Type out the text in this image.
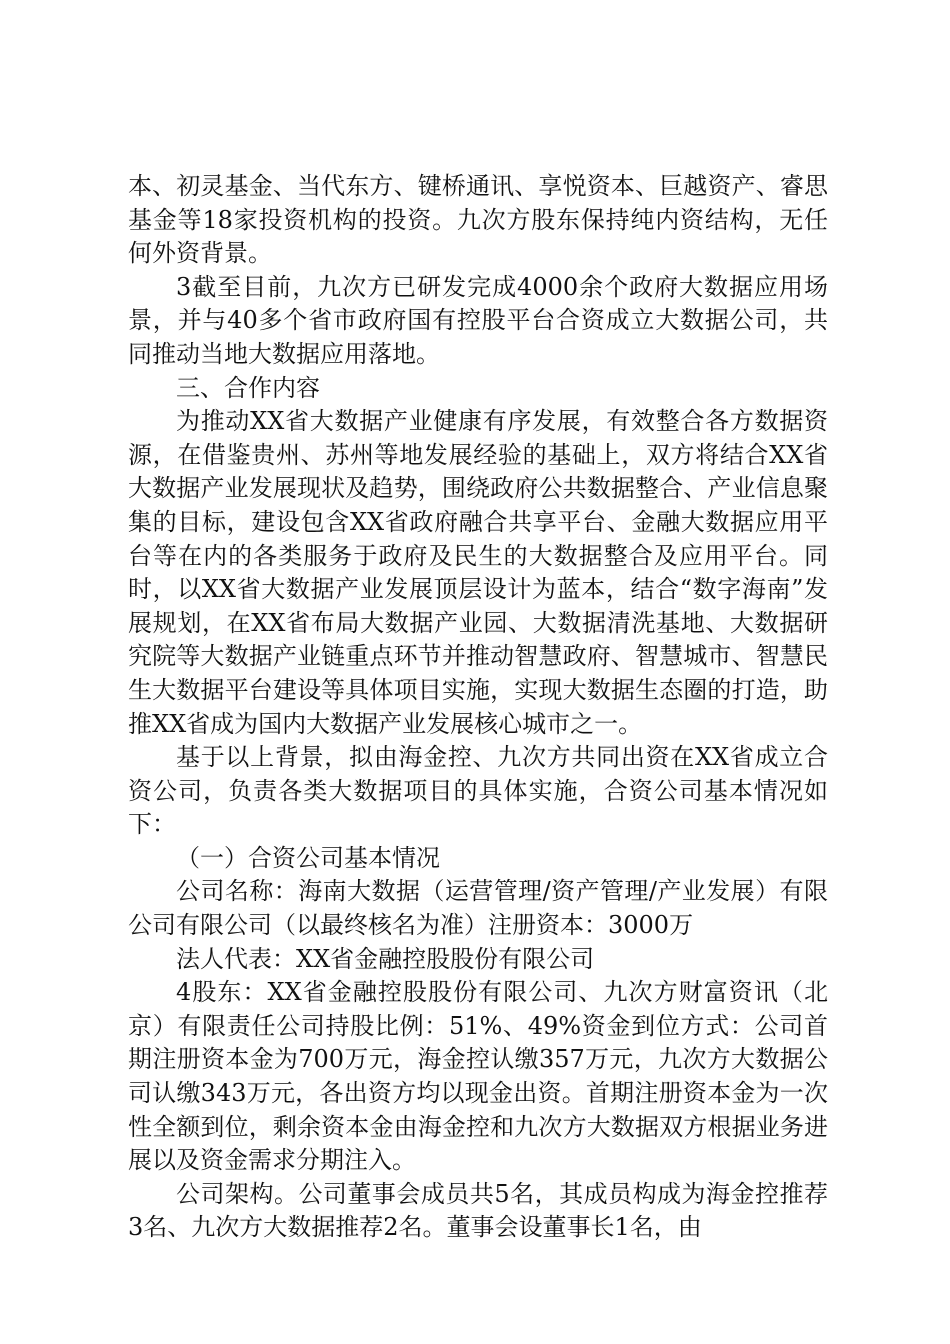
本、初灵基金、当代东方、键桥通讯、享悦资本、巨越资产、睿思基金等18家投资机构的投资。九次方股东保持纯内资结构，无任何外资背景。

3截至目前，九次方已研发完成4000余个政府大数据应用场景，并与40多个省市政府国有控股平台合资成立大数据公司，共同推动当地大数据应用落地。

三、合作内容

为推动XX省大数据产业健康有序发展，有效整合各方数据资源，在借鉴贵州、苏州等地发展经验的基础上，双方将结合XX省大数据产业发展现状及趋势，围绕政府公共数据整合、产业信息聚集的目标，建设包含XX省政府融合共享平台、金融大数据应用平台等在内的各类服务于政府及民生的大数据整合及应用平台。同时，以XX省大数据产业发展顶层设计为蓝本，结合“数字海南”发展规划，在XX省布局大数据产业园、大数据清洗基地、大数据研究院等大数据产业链重点环节并推动智慧政府、智慧城市、智慧民生大数据平台建设等具体项目实施，实现大数据生态圈的打造，助推XX省成为国内大数据产业发展核心城市之一。

基于以上背景，拟由海金控、九次方共同出资在XX省成立合资公司，负责各类大数据项目的具体实施，合资公司基本情况如下：

（一）合资公司基本情况

公司名称：海南大数据（运营管理/资产管理/产业发展）有限公司有限公司（以最终核名为准）注册资本：3000万

法人代表：XX省金融控股股份有限公司

4股东：XX省金融控股股份有限公司、九次方财富资讯（北京）有限责任公司持股比例：51%、49%资金到位方式：公司首期注册资本金为700万元，海金控认缴357万元，九次方大数据公司认缴343万元，各出资方均以现金出资。首期注册资本金为一次性全额到位，剩余资本金由海金控和九次方大数据双方根据业务进展以及资金需求分期注入。

公司架构。公司董事会成员共5名，其成员构成为海金控推荐3名、九次方大数据推荐2名。董事会设董事长1名，由
